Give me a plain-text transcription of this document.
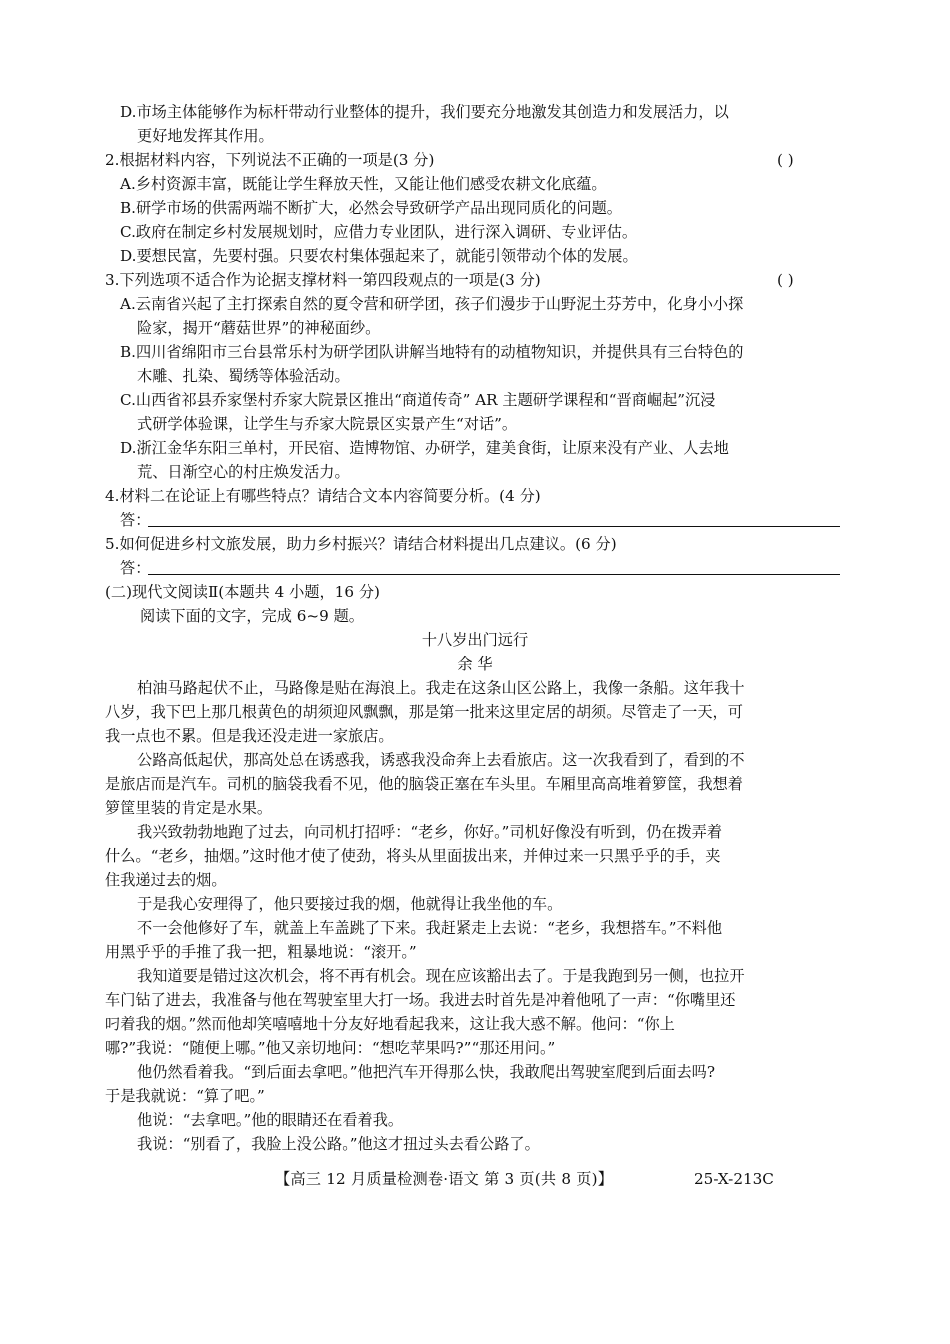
D.市场主体能够作为标杆带动行业整体的提升，我们要充分地激发其创造力和发展活力，以
更好地发挥其作用。
2.根据材料内容，下列说法不正确的一项是(3 分)	( )
A.乡村资源丰富，既能让学生释放天性，又能让他们感受农耕文化底蕴。
B.研学市场的供需两端不断扩大，必然会导致研学产品出现同质化的问题。
C.政府在制定乡村发展规划时，应借力专业团队，进行深入调研、专业评估。
D.要想民富，先要村强。只要农村集体强起来了，就能引领带动个体的发展。
3.下列选项不适合作为论据支撑材料一第四段观点的一项是(3 分)	( )
A.云南省兴起了主打探索自然的夏令营和研学团，孩子们漫步于山野泥土芬芳中，化身小小探
险家，揭开“蘑菇世界”的神秘面纱。
B.四川省绵阳市三台县常乐村为研学团队讲解当地特有的动植物知识，并提供具有三台特色的
木雕、扎染、蜀绣等体验活动。
C.山西省祁县乔家堡村乔家大院景区推出“商道传奇” AR 主题研学课程和“晋商崛起”沉浸
式研学体验课，让学生与乔家大院景区实景产生“对话”。
D.浙江金华东阳三单村，开民宿、造博物馆、办研学，建美食街，让原来没有产业、人去地
荒、日渐空心的村庄焕发活力。
4.材料二在论证上有哪些特点？请结合文本内容简要分析。(4 分)
答：
5.如何促进乡村文旅发展，助力乡村振兴？请结合材料提出几点建议。(6 分)
答：
(二)现代文阅读Ⅱ(本题共 4 小题，16 分)
阅读下面的文字，完成 6~9 题。
十八岁出门远行
余 华
柏油马路起伏不止，马路像是贴在海浪上。我走在这条山区公路上，我像一条船。这年我十
八岁，我下巴上那几根黄色的胡须迎风飘飘，那是第一批来这里定居的胡须。尽管走了一天，可
我一点也不累。但是我还没走进一家旅店。
公路高低起伏，那高处总在诱惑我，诱惑我没命奔上去看旅店。这一次我看到了，看到的不
是旅店而是汽车。司机的脑袋我看不见，他的脑袋正塞在车头里。车厢里高高堆着箩筐，我想着
箩筐里装的肯定是水果。
我兴致勃勃地跑了过去，向司机打招呼：“老乡，你好。”司机好像没有听到，仍在拨弄着
什么。“老乡，抽烟。”这时他才使了使劲，将头从里面拔出来，并伸过来一只黑乎乎的手，夹
住我递过去的烟。
于是我心安理得了，他只要接过我的烟，他就得让我坐他的车。
不一会他修好了车，就盖上车盖跳了下来。我赶紧走上去说：“老乡，我想搭车。”不料他
用黑乎乎的手推了我一把，粗暴地说：“滚开。”
我知道要是错过这次机会，将不再有机会。现在应该豁出去了。于是我跑到另一侧，也拉开
车门钻了进去，我准备与他在驾驶室里大打一场。我进去时首先是冲着他吼了一声：“你嘴里还
叼着我的烟。”然而他却笑嘻嘻地十分友好地看起我来，这让我大惑不解。他问：“你上
哪?”我说：“随便上哪。”他又亲切地问：“想吃苹果吗?”“那还用问。”
他仍然看着我。“到后面去拿吧。”他把汽车开得那么快，我敢爬出驾驶室爬到后面去吗?
于是我就说：“算了吧。”
他说：“去拿吧。”他的眼睛还在看着我。
我说：“别看了，我脸上没公路。”他这才扭过头去看公路了。
【高三 12 月质量检测卷·语文 第 3 页(共 8 页)】	25-X-213C
